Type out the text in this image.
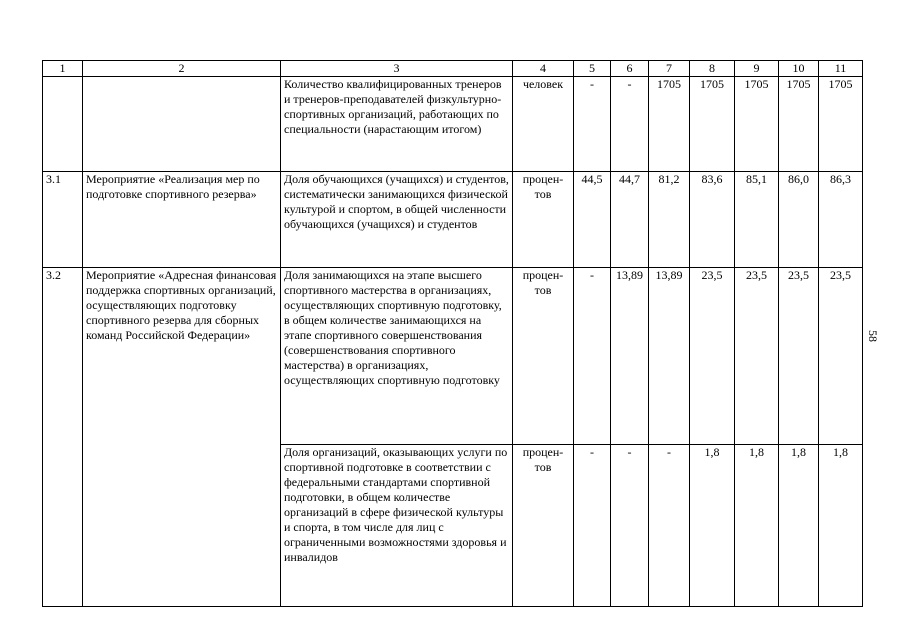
1	2	3	4	5	6	7	8	9	10	11
		Количество квалифицированных тренеров и тренеров-преподавателей физкультурно-спортивных организаций, работающих по специальности (нарастающим итогом)	человек	-	-	1705	1705	1705	1705	1705
3.1	Мероприятие «Реализация мер по подготовке спортивного резерва»	Доля обучающихся (учащихся) и студентов, систематически занимающихся физической культурой и спортом, в общей численности обучающихся (учащихся) и студентов	процен-тов	44,5	44,7	81,2	83,6	85,1	86,0	86,3
3.2	Мероприятие «Адресная финансовая поддержка спортивных организаций, осуществляющих подготовку спортивного резерва для сборных команд Российской Федерации»	Доля занимающихся на этапе высшего спортивного мастерства в организациях, осуществляющих спортивную подготовку, в общем количестве занимающихся на этапе спортивного совершенствования (совершенствования спортивного мастерства) в организациях, осуществляющих спортивную подготовку	процен-тов	-	13,89	13,89	23,5	23,5	23,5	23,5
		Доля организаций, оказывающих услуги по спортивной подготовке в соответствии с федеральными стандартами спортивной подготовки, в общем количестве организаций в сфере физической культуры и спорта, в том числе для лиц с ограниченными возможностями здоровья и инвалидов	процен-тов	-	-	-	1,8	1,8	1,8	1,8
58
